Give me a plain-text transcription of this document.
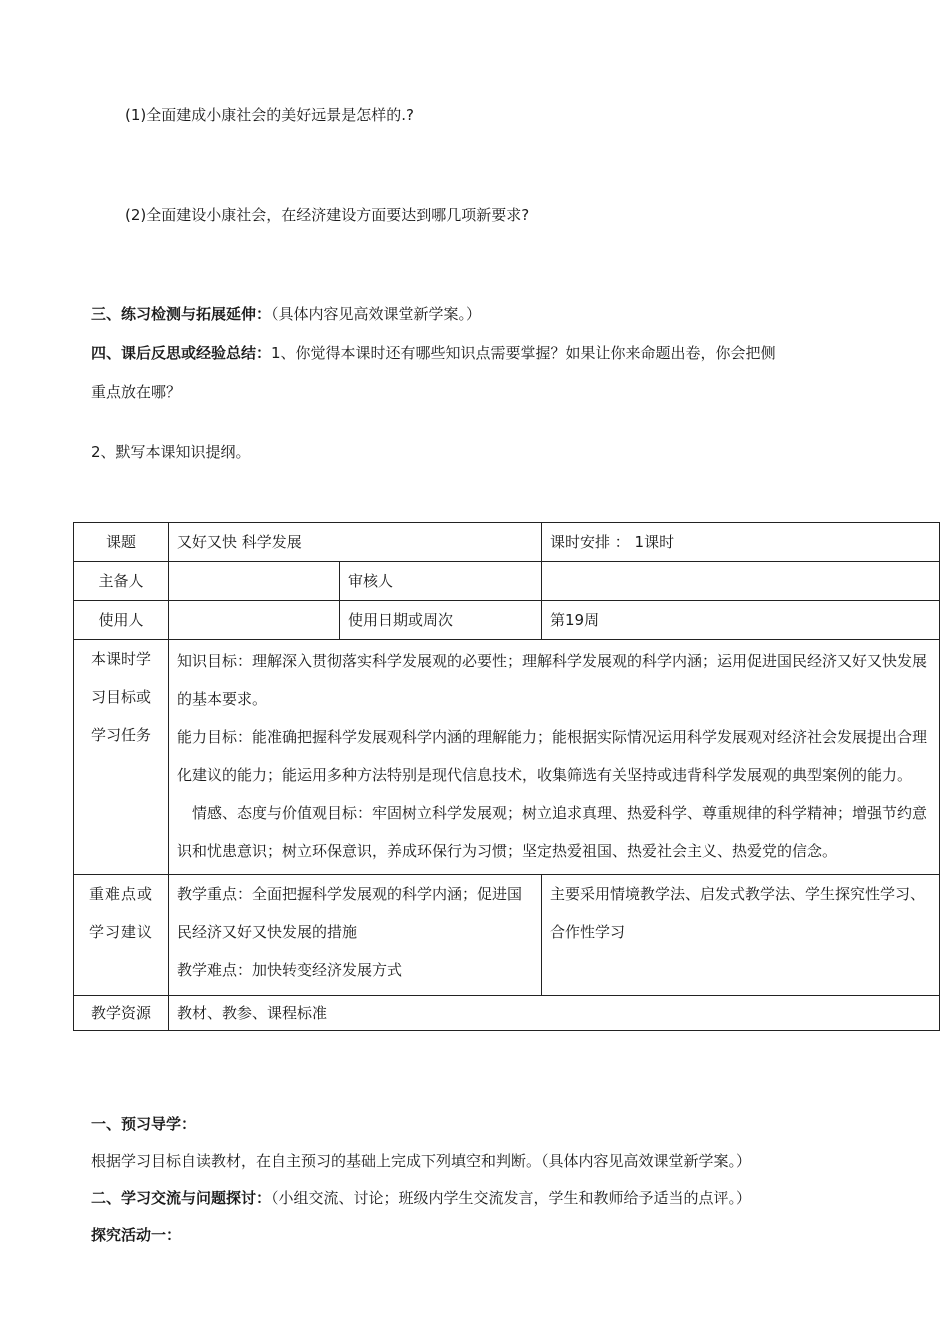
(1)全面建成小康社会的美好远景是怎样的.?
(2)全面建设小康社会，在经济建设方面要达到哪几项新要求?
三、练习检测与拓展延伸：（具体内容见高效课堂新学案。）
四、课后反思或经验总结：1、你觉得本课时还有哪些知识点需要掌握？如果让你来命题出卷，你会把侧
重点放在哪？
2、默写本课知识提纲。
课题	又好又快 科学发展		课时安排 ： 1课时
主备人		审核人	
使用人		使用日期或周次	第19周
本课时学习目标或学习任务	知识目标：理解深入贯彻落实科学发展观的必要性；理解科学发展观的科学内涵；运用促进国民经济又好又快发展的基本要求。
能力目标：能准确把握科学发展观科学内涵的理解能力；能根据实际情况运用科学发展观对经济社会发展提出合理化建议的能力；能运用多种方法特别是现代信息技术，收集筛选有关坚持或违背科学发展观的典型案例的能力。
情感、态度与价值观目标：牢固树立科学发展观；树立追求真理、热爱科学、尊重规律的科学精神；增强节约意识和忧患意识；树立环保意识，养成环保行为习惯；坚定热爱祖国、热爱社会主义、热爱党的信念。		

重难点或学习建议	教学重点：全面把握科学发展观的科学内涵；促进国民经济又好又快发展的措施
教学难点：加快转变经济发展方式		主要采用情境教学法、启发式教学法、学生探究性学习、合作性学习

教学资源	教材、教参、课程标准		
一、预习导学：
根据学习目标自读教材，在自主预习的基础上完成下列填空和判断。（具体内容见高效课堂新学案。）
二、学习交流与问题探讨：（小组交流、讨论；班级内学生交流发言，学生和教师给予适当的点评。）
探究活动一：
